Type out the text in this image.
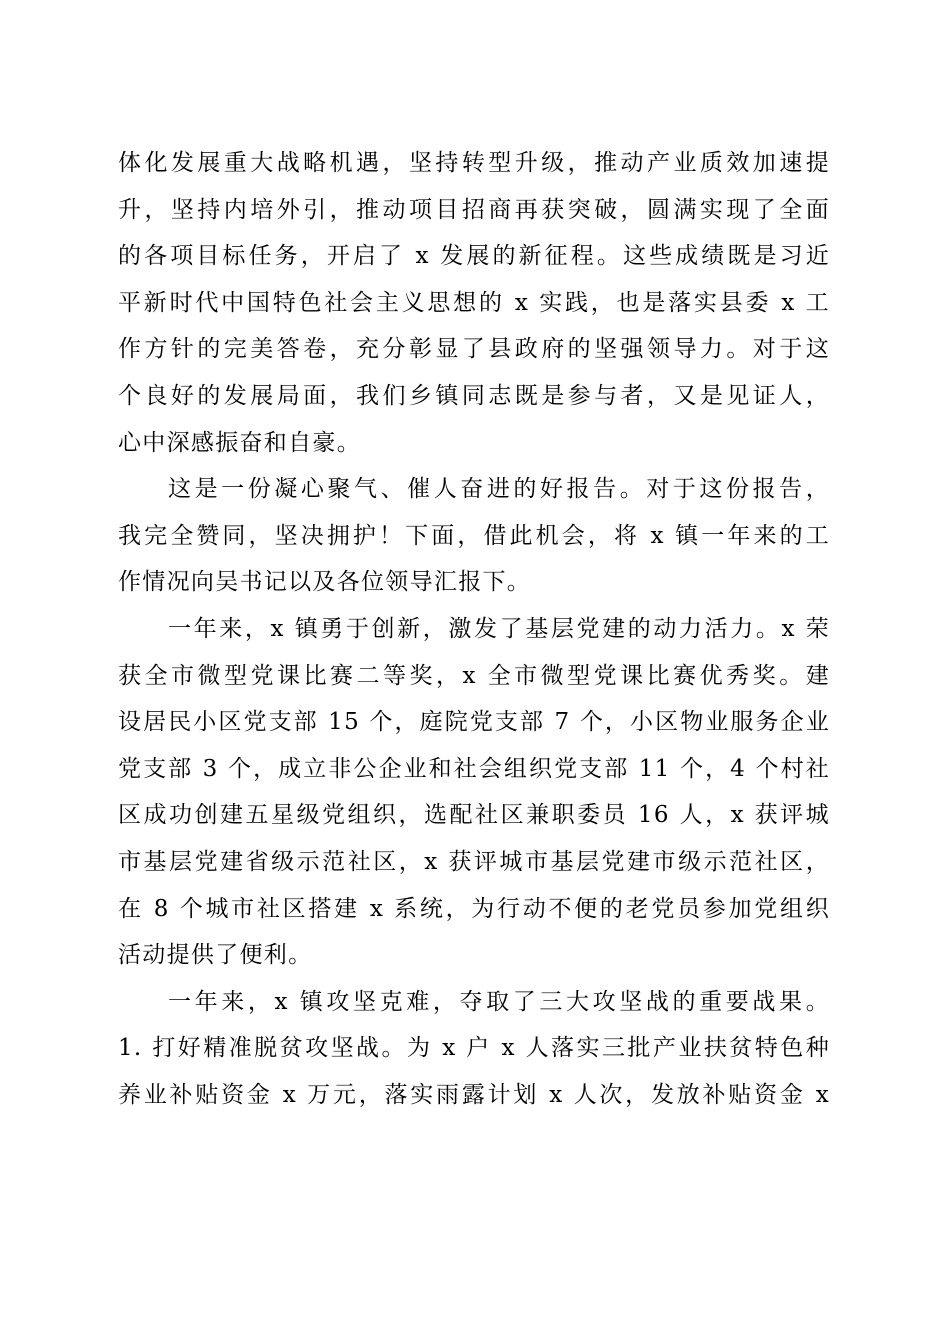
体化发展重大战略机遇，坚持转型升级，推动产业质效加速提
升，坚持内培外引，推动项目招商再获突破，圆满实现了全面
的各项目标任务，开启了 x 发展的新征程。这些成绩既是习近
平新时代中国特色社会主义思想的 x 实践，也是落实县委 x 工
作方针的完美答卷，充分彰显了县政府的坚强领导力。对于这
个良好的发展局面，我们乡镇同志既是参与者，又是见证人，
心中深感振奋和自豪。
这是一份凝心聚气、催人奋进的好报告。对于这份报告，
我完全赞同，坚决拥护！下面，借此机会，将 x 镇一年来的工
作情况向吴书记以及各位领导汇报下。
一年来，x 镇勇于创新，激发了基层党建的动力活力。x 荣
获全市微型党课比赛二等奖，x 全市微型党课比赛优秀奖。建
设居民小区党支部 15 个，庭院党支部 7 个，小区物业服务企业
党支部 3 个，成立非公企业和社会组织党支部 11 个，4 个村社
区成功创建五星级党组织，选配社区兼职委员 16 人，x 获评城
市基层党建省级示范社区，x 获评城市基层党建市级示范社区，
在 8 个城市社区搭建 x 系统，为行动不便的老党员参加党组织
活动提供了便利。
一年来，x 镇攻坚克难，夺取了三大攻坚战的重要战果。
1. 打好精准脱贫攻坚战。为 x 户 x 人落实三批产业扶贫特色种
养业补贴资金 x 万元，落实雨露计划 x 人次，发放补贴资金 x
